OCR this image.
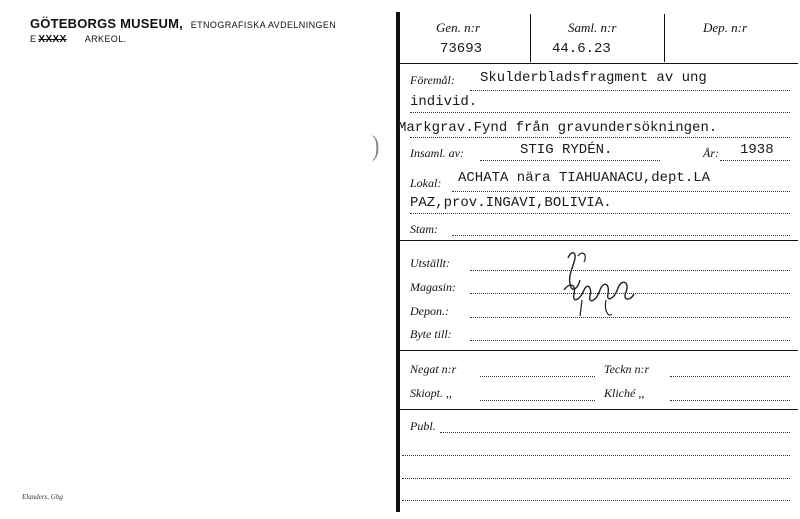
GÖTEBORGS MUSEUM, ETNOGRAFISKA AVDELNINGEN
E XXXX ARKEOL.
)
Elanders, Gbg
Gen. n:r
73693
Saml. n:r
44.6.23
Dep. n:r
Föremål: Skulderbladsfragment av ung
individ.
Markgrav.Fynd från gravundersökningen.
Insaml. av:	STIG RYDÉN.	År: 1938
Lokal: ACHATA nära TIAHUANACU,dept.LA
PAZ,prov.INGAVI,BOLIVIA.
Stam:
Utställt:
Magasin:
Depon.:
Byte till:
Negat n:r	Teckn n:r
Skiopt. ,,	Kliché ,,
Publ.
